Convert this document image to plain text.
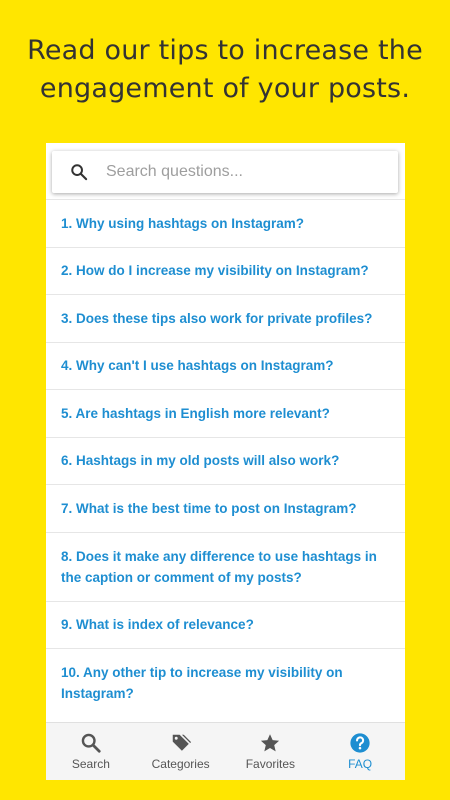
Read our tips to increase the
engagement of your posts.
Search questions...
1. Why using hashtags on Instagram?
2. How do I increase my visibility on Instagram?
3. Does these tips also work for private profiles?
4. Why can't I use hashtags on Instagram?
5. Are hashtags in English more relevant?
6. Hashtags in my old posts will also work?
7. What is the best time to post on Instagram?
8. Does it make any difference to use hashtags in the caption or comment of my posts?
9. What is index of relevance?
10. Any other tip to increase my visibility on Instagram?
Search	Categories	Favorites	FAQ
